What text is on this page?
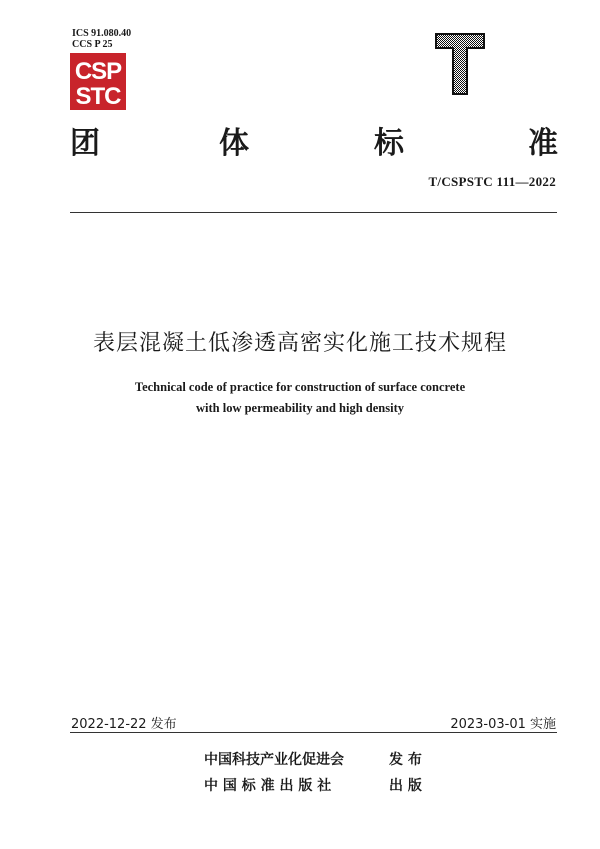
ICS 91.080.40
CCS P 25
CSP
STC
团	体	标	准
T/CSPSTC 111—2022
表层混凝土低渗透高密实化施工技术规程
Technical code of practice for construction of surface concrete
with low permeability and high density
2022-12-22 发布	2023-03-01 实施
中国科技产业化促进会	发 布
中 国 标 准 出 版 社	出 版
